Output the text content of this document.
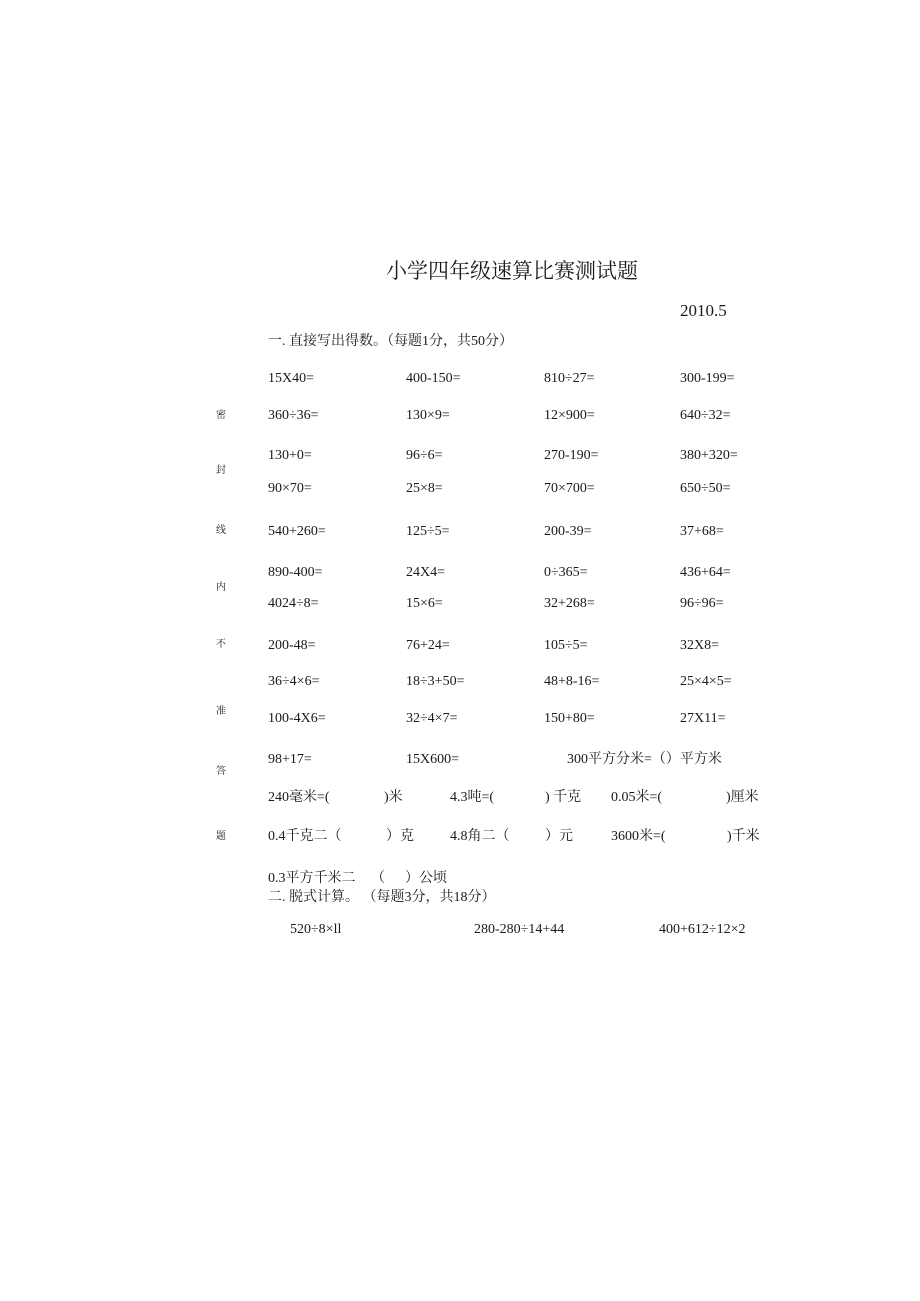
小学四年级速算比赛测试题
2010.5
密
封
线
内
不
准
答
题
一. 直接写出得数。（每题1分，共50分）
15X40=	400-150=	810÷27=	300-199=
360÷36=	130×9=	12×900=	640÷32=
130+0=	96÷6=	270-190=	380+320=
90×70=	25×8=	70×700=	650÷50=
540+260=	125÷5=	200-39=	37+68=
890-400=	24X4=	0÷365=	436+64=
4024÷8=	15×6=	32+268=	96÷96=
200-48=	76+24=	105÷5=	32X8=
36÷4×6=	18÷3+50=	48+8-16=	25×4×5=
100-4X6=	32÷4×7=	150+80=	27X11=
98+17=	15X600=	300平方分米=（）平方米
240毫米=(	)米	4.3吨=(	) 千克 0.05米=(	)厘米
0.4千克二（	）克	4.8角二（	）元	3600米=(	)千米
0.3平方千米二 （ ）公顷
二. 脱式计算。 （每题3分，共18分）
520÷8×ll	280-280÷14+44	400+612÷12×2
